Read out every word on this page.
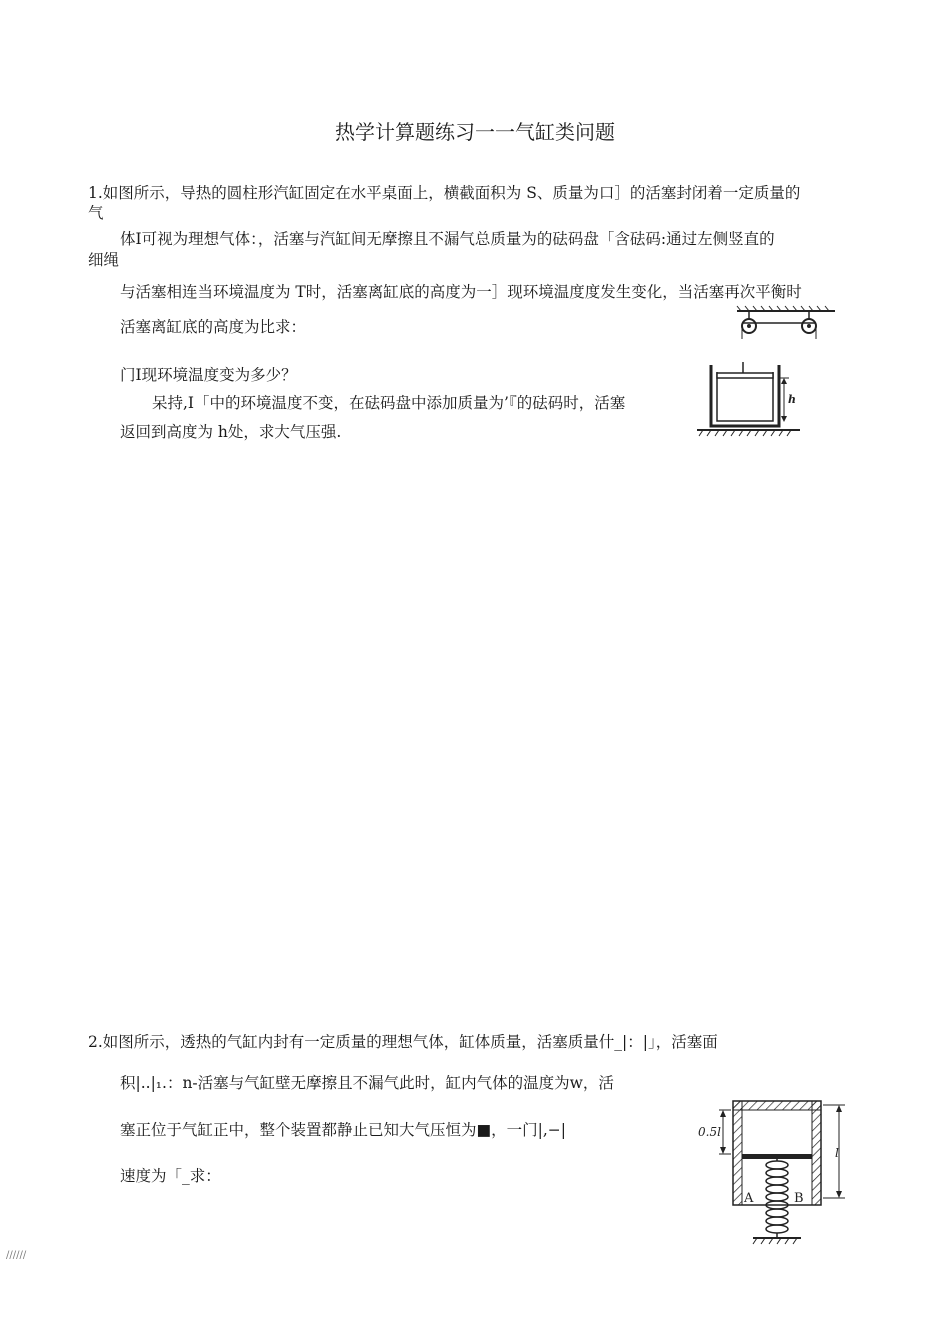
热学计算题练习一一气缸类问题
1.如图所示，导热的圆柱形汽缸固定在水平桌面上，横截面积为 S、质量为口］的活塞封闭着一定质量的
气
体I可视为理想气体：，活塞与汽缸间无摩擦且不漏气总质量为的砝码盘「含砝码:通过左侧竖直的
细绳
与活塞相连当环境温度为 T时，活塞离缸底的高度为一］现环境温度度发生变化，当活塞再次平衡时
活塞离缸底的高度为比求：
门I现环境温度变为多少？
呆持,I「中的环境温度不变，在砝码盘中添加质量为’『的砝码时，活塞
返回到高度为 h处，求大气压强.
h
2.如图所示，透热的气缸内封有一定质量的理想气体，缸体质量，活塞质量什_|：|」，活塞面
积|..|₁.：n-活塞与气缸壁无摩擦且不漏气此时，缸内气体的温度为w，活
塞正位于气缸正中，整个装置都静止已知大气压恒为■，一门|,−|
速度为「_求：
0.5l
l
A	B
//////
